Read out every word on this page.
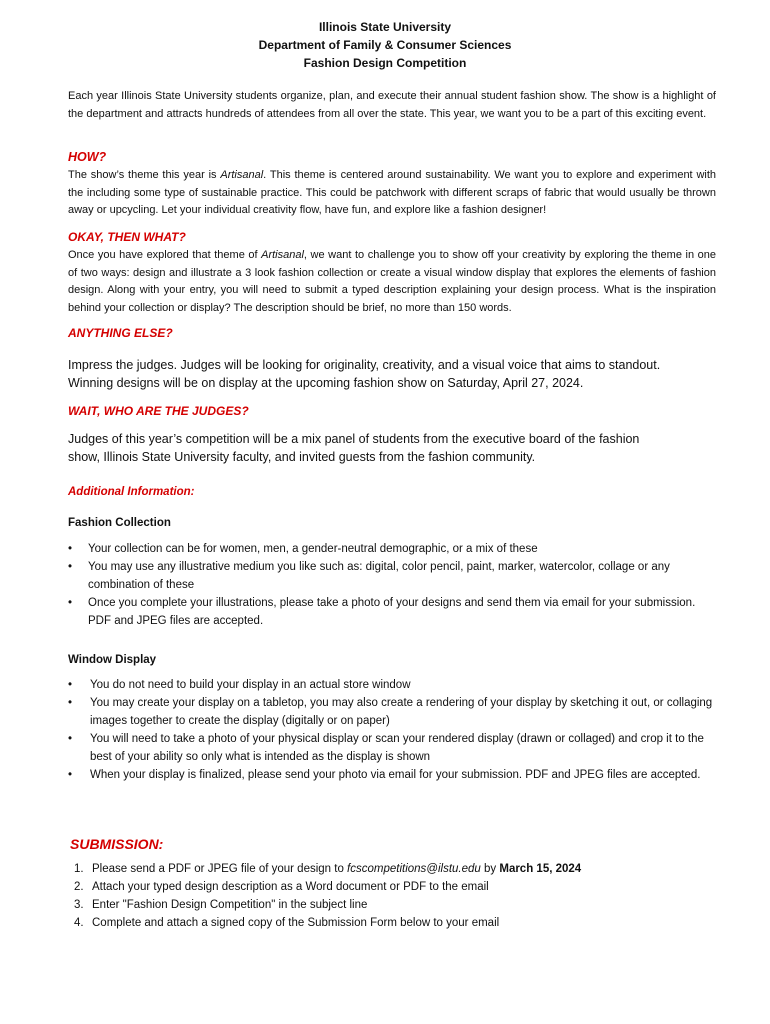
Illinois State University
Department of Family & Consumer Sciences
Fashion Design Competition
Each year Illinois State University students organize, plan, and execute their annual student fashion show. The show is a highlight of the department and attracts hundreds of attendees from all over the state. This year, we want you to be a part of this exciting event.
HOW?
The show’s theme this year is Artisanal. This theme is centered around sustainability. We want you to explore and experiment with the including some type of sustainable practice. This could be patchwork with different scraps of fabric that would usually be thrown away or upcycling. Let your individual creativity flow, have fun, and explore like a fashion designer!
OKAY, THEN WHAT?
Once you have explored that theme of Artisanal, we want to challenge you to show off your creativity by exploring the theme in one of two ways: design and illustrate a 3 look fashion collection or create a visual window display that explores the elements of fashion design. Along with your entry, you will need to submit a typed description explaining your design process. What is the inspiration behind your collection or display? The description should be brief, no more than 150 words.
ANYTHING ELSE?
Impress the judges. Judges will be looking for originality, creativity, and a visual voice that aims to standout. Winning designs will be on display at the upcoming fashion show on Saturday, April 27, 2024.
WAIT, WHO ARE THE JUDGES?
Judges of this year’s competition will be a mix panel of students from the executive board of the fashion show, Illinois State University faculty, and invited guests from the fashion community.
Additional Information:
Fashion Collection
• Your collection can be for women, men, a gender-neutral demographic, or a mix of these
• You may use any illustrative medium you like such as: digital, color pencil, paint, marker, watercolor, collage or any combination of these
• Once you complete your illustrations, please take a photo of your designs and send them via email for your submission. PDF and JPEG files are accepted.
Window Display
• You do not need to build your display in an actual store window
• You may create your display on a tabletop, you may also create a rendering of your display by sketching it out, or collaging images together to create the display (digitally or on paper)
• You will need to take a photo of your physical display or scan your rendered display (drawn or collaged) and crop it to the best of your ability so only what is intended as the display is shown
• When your display is finalized, please send your photo via email for your submission. PDF and JPEG files are accepted.
SUBMISSION:
1. Please send a PDF or JPEG file of your design to fcscompetitions@ilstu.edu by March 15, 2024
2. Attach your typed design description as a Word document or PDF to the email
3. Enter "Fashion Design Competition" in the subject line
4. Complete and attach a signed copy of the Submission Form below to your email
